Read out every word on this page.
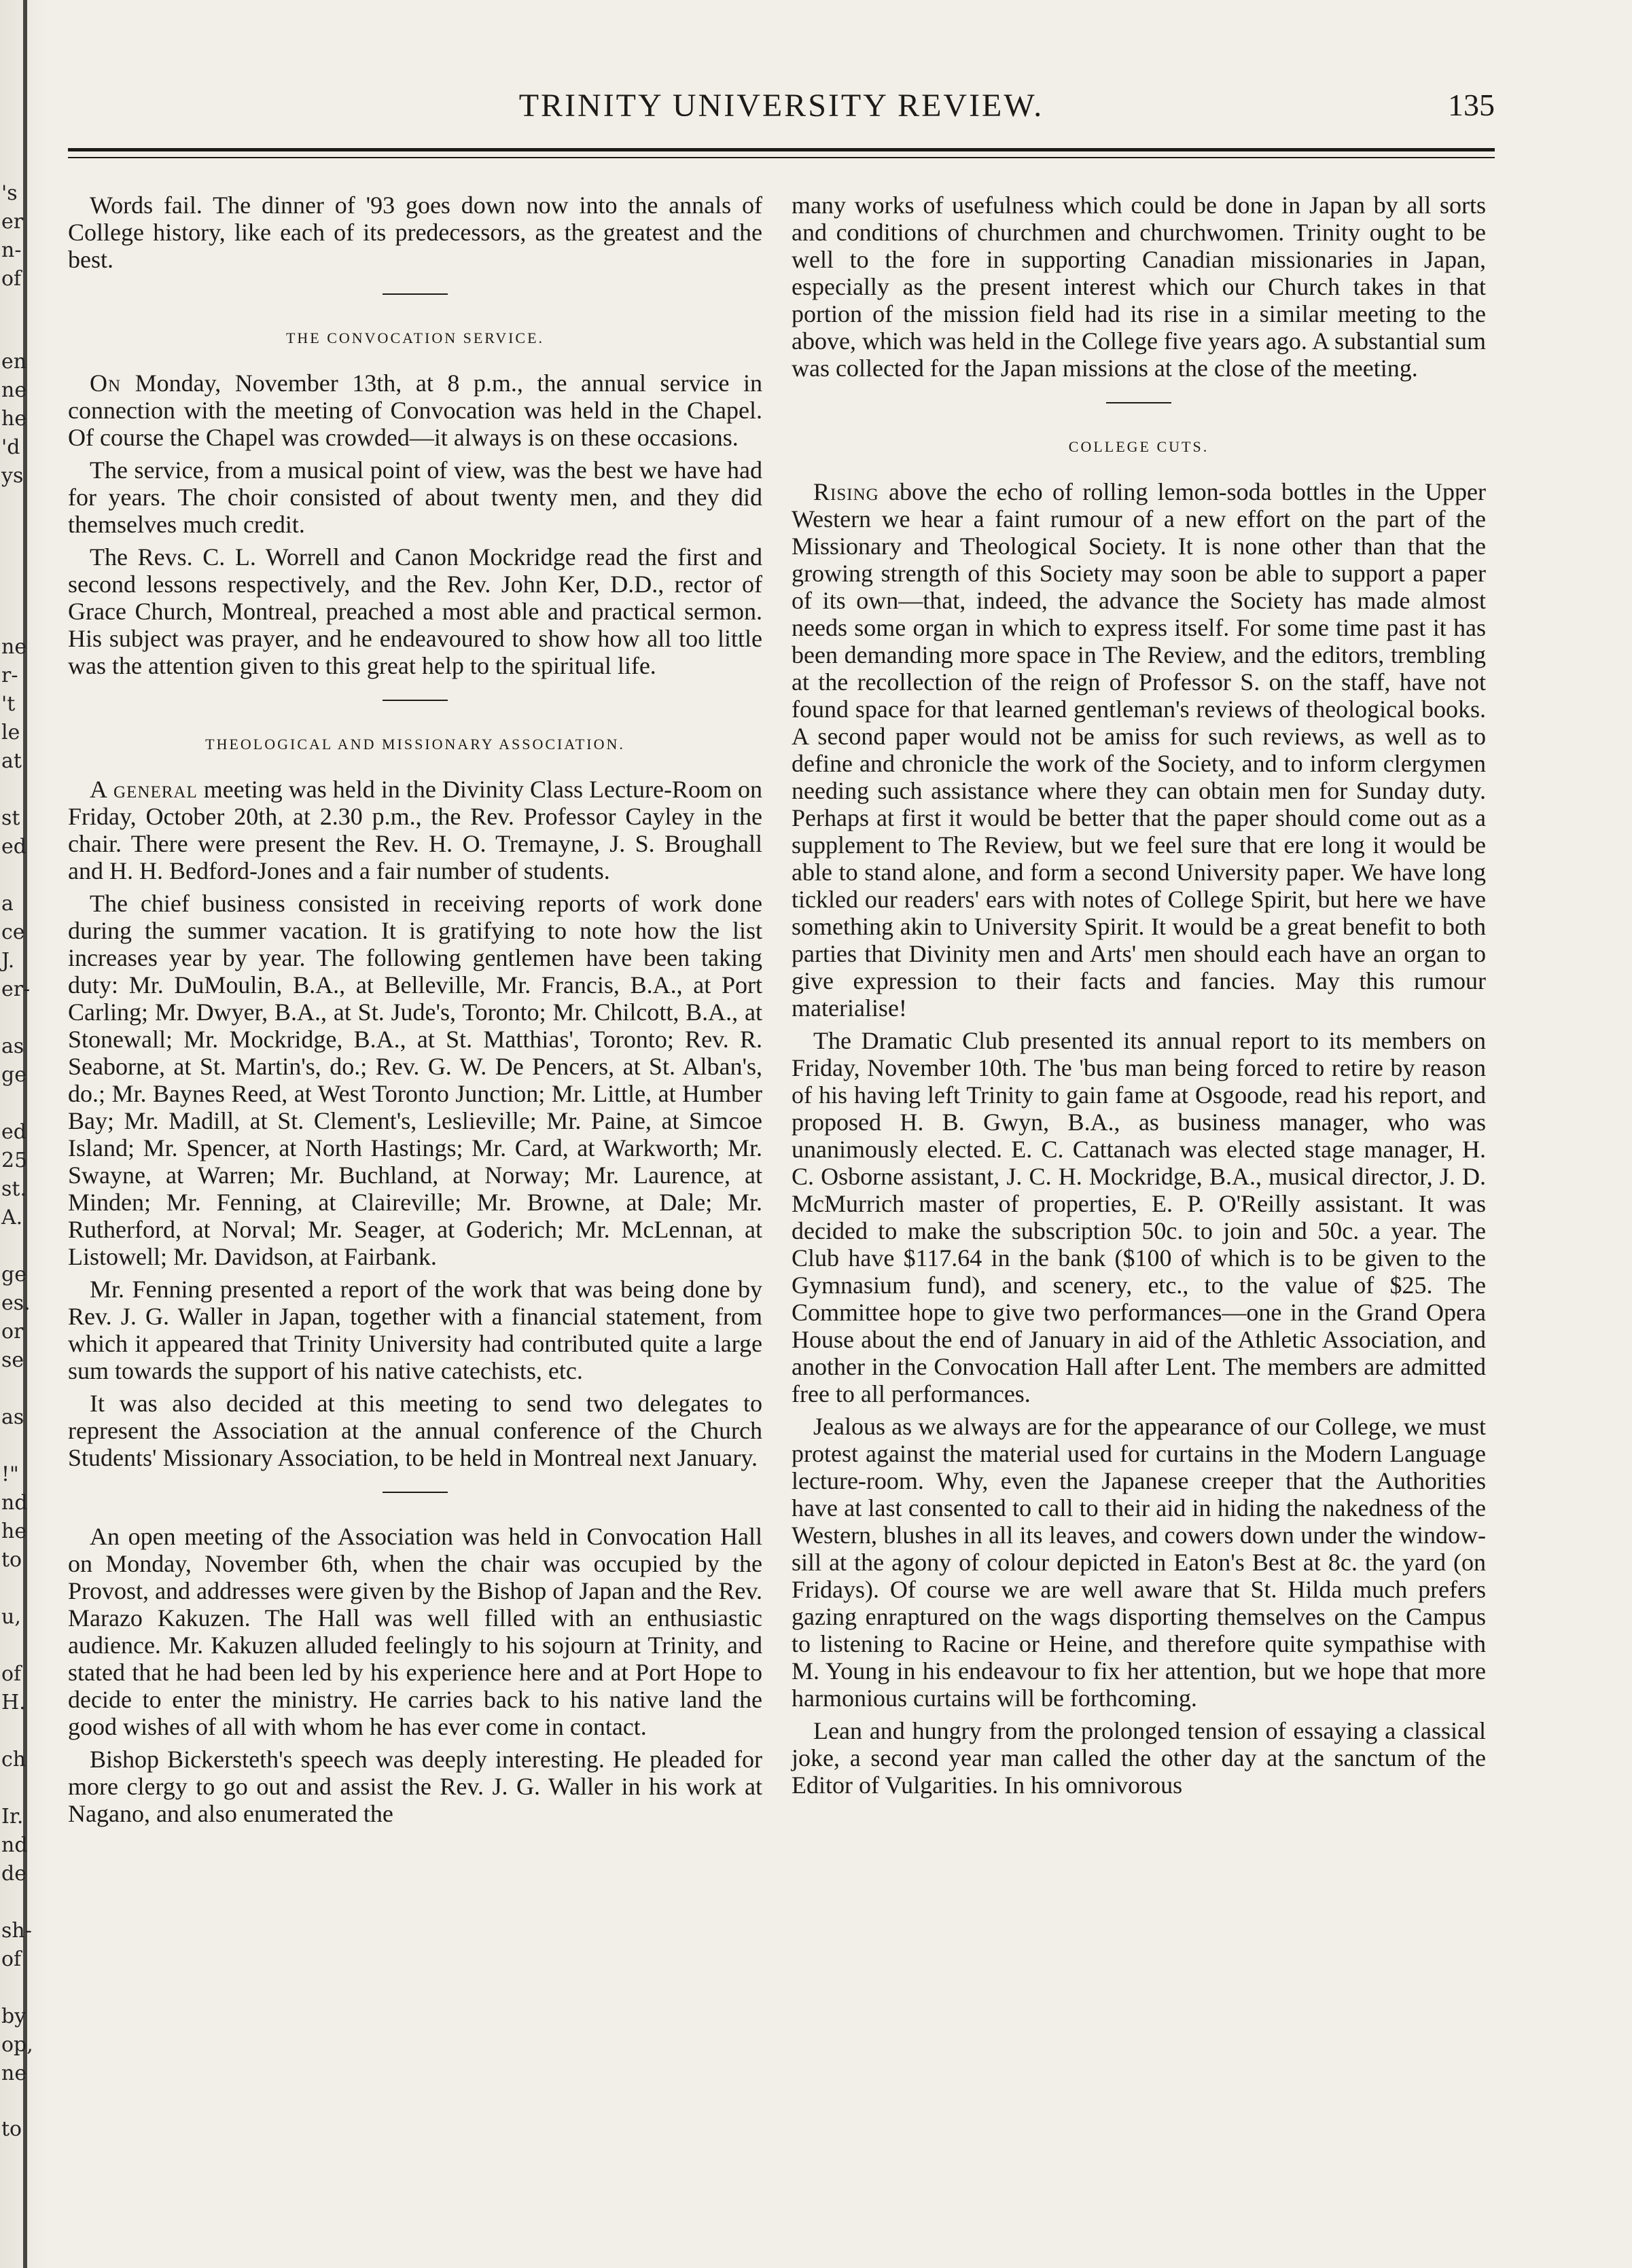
's
er
n-
of
en
ne
he
'd
ys
ne
r-
't
le
at
st
ed
a
ce
J.
er-
as
ge
ed
25
st.
A.
ge
es.
or
se
as
!"
nd
he
to
u,
of
H.
ch
Ir.
nd
de
sh-
of
by
op,
ne
to
TRINITY UNIVERSITY REVIEW.	135

Words fail. The dinner of '93 goes down now into the annals of College history, like each of its predecessors, as the greatest and the best.

THE CONVOCATION SERVICE.

On Monday, November 13th, at 8 p.m., the annual service in connection with the meeting of Convocation was held in the Chapel. Of course the Chapel was crowded—it always is on these occasions.

The service, from a musical point of view, was the best we have had for years. The choir consisted of about twenty men, and they did themselves much credit.

The Revs. C. L. Worrell and Canon Mockridge read the first and second lessons respectively, and the Rev. John Ker, D.D., rector of Grace Church, Montreal, preached a most able and practical sermon. His subject was prayer, and he endeavoured to show how all too little was the attention given to this great help to the spiritual life.

THEOLOGICAL AND MISSIONARY ASSOCIATION.

A general meeting was held in the Divinity Class Lecture-Room on Friday, October 20th, at 2.30 p.m., the Rev. Professor Cayley in the chair. There were present the Rev. H. O. Tremayne, J. S. Broughall and H. H. Bedford-Jones and a fair number of students.

The chief business consisted in receiving reports of work done during the summer vacation. It is gratifying to note how the list increases year by year. The following gentlemen have been taking duty: Mr. DuMoulin, B.A., at Belleville, Mr. Francis, B.A., at Port Carling; Mr. Dwyer, B.A., at St. Jude's, Toronto; Mr. Chilcott, B.A., at Stonewall; Mr. Mockridge, B.A., at St. Matthias', Toronto; Rev. R. Seaborne, at St. Martin's, do.; Rev. G. W. De Pencers, at St. Alban's, do.; Mr. Baynes Reed, at West Toronto Junction; Mr. Little, at Humber Bay; Mr. Madill, at St. Clement's, Leslieville; Mr. Paine, at Simcoe Island; Mr. Spencer, at North Hastings; Mr. Card, at Warkworth; Mr. Swayne, at Warren; Mr. Buchland, at Norway; Mr. Laurence, at Minden; Mr. Fenning, at Claireville; Mr. Browne, at Dale; Mr. Rutherford, at Norval; Mr. Seager, at Goderich; Mr. McLennan, at Listowell; Mr. Davidson, at Fairbank.

Mr. Fenning presented a report of the work that was being done by Rev. J. G. Waller in Japan, together with a financial statement, from which it appeared that Trinity University had contributed quite a large sum towards the support of his native catechists, etc.

It was also decided at this meeting to send two delegates to represent the Association at the annual conference of the Church Students' Missionary Association, to be held in Montreal next January.

An open meeting of the Association was held in Convocation Hall on Monday, November 6th, when the chair was occupied by the Provost, and addresses were given by the Bishop of Japan and the Rev. Marazo Kakuzen. The Hall was well filled with an enthusiastic audience. Mr. Kakuzen alluded feelingly to his sojourn at Trinity, and stated that he had been led by his experience here and at Port Hope to decide to enter the ministry. He carries back to his native land the good wishes of all with whom he has ever come in contact.

Bishop Bickersteth's speech was deeply interesting. He pleaded for more clergy to go out and assist the Rev. J. G. Waller in his work at Nagano, and also enumerated the

many works of usefulness which could be done in Japan by all sorts and conditions of churchmen and churchwomen. Trinity ought to be well to the fore in supporting Canadian missionaries in Japan, especially as the present interest which our Church takes in that portion of the mission field had its rise in a similar meeting to the above, which was held in the College five years ago. A substantial sum was collected for the Japan missions at the close of the meeting.

COLLEGE CUTS.

Rising above the echo of rolling lemon-soda bottles in the Upper Western we hear a faint rumour of a new effort on the part of the Missionary and Theological Society. It is none other than that the growing strength of this Society may soon be able to support a paper of its own—that, indeed, the advance the Society has made almost needs some organ in which to express itself. For some time past it has been demanding more space in The Review, and the editors, trembling at the recollection of the reign of Professor S. on the staff, have not found space for that learned gentleman's reviews of theological books. A second paper would not be amiss for such reviews, as well as to define and chronicle the work of the Society, and to inform clergymen needing such assistance where they can obtain men for Sunday duty. Perhaps at first it would be better that the paper should come out as a supplement to The Review, but we feel sure that ere long it would be able to stand alone, and form a second University paper. We have long tickled our readers' ears with notes of College Spirit, but here we have something akin to University Spirit. It would be a great benefit to both parties that Divinity men and Arts' men should each have an organ to give expression to their facts and fancies. May this rumour materialise!

The Dramatic Club presented its annual report to its members on Friday, November 10th. The 'bus man being forced to retire by reason of his having left Trinity to gain fame at Osgoode, read his report, and proposed H. B. Gwyn, B.A., as business manager, who was unanimously elected. E. C. Cattanach was elected stage manager, H. C. Osborne assistant, J. C. H. Mockridge, B.A., musical director, J. D. McMurrich master of properties, E. P. O'Reilly assistant. It was decided to make the subscription 50c. to join and 50c. a year. The Club have $117.64 in the bank ($100 of which is to be given to the Gymnasium fund), and scenery, etc., to the value of $25. The Committee hope to give two performances—one in the Grand Opera House about the end of January in aid of the Athletic Association, and another in the Convocation Hall after Lent. The members are admitted free to all performances.

Jealous as we always are for the appearance of our College, we must protest against the material used for curtains in the Modern Language lecture-room. Why, even the Japanese creeper that the Authorities have at last consented to call to their aid in hiding the nakedness of the Western, blushes in all its leaves, and cowers down under the window-sill at the agony of colour depicted in Eaton's Best at 8c. the yard (on Fridays). Of course we are well aware that St. Hilda much prefers gazing enraptured on the wags disporting themselves on the Campus to listening to Racine or Heine, and therefore quite sympathise with M. Young in his endeavour to fix her attention, but we hope that more harmonious curtains will be forthcoming.

Lean and hungry from the prolonged tension of essaying a classical joke, a second year man called the other day at the sanctum of the Editor of Vulgarities. In his omnivorous
